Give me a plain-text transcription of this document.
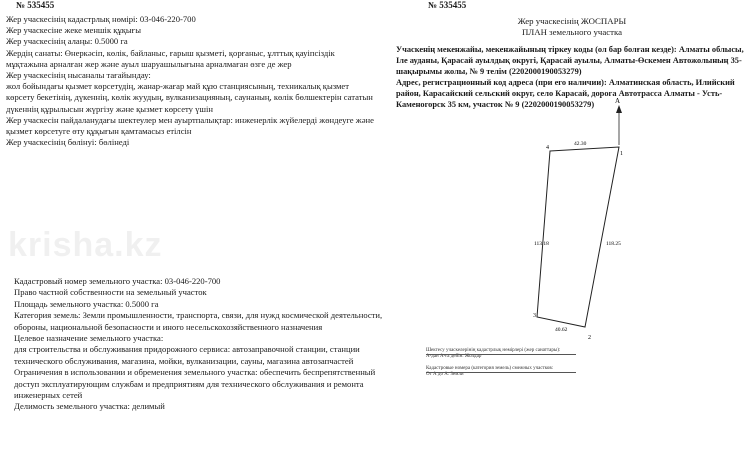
krisha.kz
№ 535455
Жер учаскесінің кадастрлық нөмірі: 03-046-220-700
Жер учаскесіне жеке меншік құқығы
Жер учаскесінің алаңы: 0.5000 га
Жердің санаты: Өнеркәсіп, көлік, байланыс, ғарыш қызметі, қорғаныс, ұлттық қауіпсіздік мұқтажына арналған жер және ауыл шаруашылығына арналмаған өзге де жер
Жер учаскесінің нысаналы тағайындау:
жол бойындағы қызмет көрсетудің, жанар-жағар май құю станциясының, техникалық қызмет көрсету бекетінің, дүкеннің, көлік жуудың, вулканизацияның, саунаның, көлік бөлшектерін сататын дүкеннің құрылысын жүргізу және қызмет көрсету үшін
Жер учаскесін пайдаланудағы шектеулер мен ауыртпалықтар: инженерлік жүйелерді жөндеуге және қызмет көрсетуге өту құқығын қамтамасыз етілсін
Жер учаскесінің бөлінуі: бөлінеді
Кадастровый номер земельного участка: 03-046-220-700
Право частной собственности на земельный участок
Площадь земельного участка: 0.5000 га
Категория земель: Земли промышленности, транспорта, связи, для нужд космической деятельности, обороны, национальной безопасности и иного несельскохозяйственного назначения
Целевое назначение земельного участка:
для строительства и обслуживания придорожного сервиса: автозаправочной станции, станции технического обслуживания, магазина, мойки, вулканизации, сауны, магазина автозапчастей
Ограничения в использовании и обременения земельного участка: обеспечить беспрепятственный доступ эксплуатирующим службам и предприятиям для технического обслуживания и ремонта инженерных сетей
Делимость земельного участка: делимый
№ 535455
Жер учаскесінің ЖОСПАРЫ
ПЛАН земельного участка
Учаскенің мекенжайы, мекенжайының тіркеу коды (ол бар болған кезде): Алматы облысы, Іле ауданы, Қарасай ауылдық округі, Қарасай ауылы, Алматы-Өскемен Автожолының 35-шақырымы жолы, № 9 телім (2202000190053279)
Адрес, регистрационный код адреса (при его наличии): Алматинская область, Илийский район, Карасайский сельский округ, село Карасай, дорога Автотрасса Алматы - Усть-Каменогорск 35 км, участок № 9 (2202000190053279)	A
1
2
3
4
42.30
118.25
40.62
113.18
Шектесу учаскелерінің кадастрлық нөмірлері (жер санаттары):
А-дан А-ға дейін: Жолдар
Кадастровые номера (категория земель) смежных участков:
От А до А: Земли
